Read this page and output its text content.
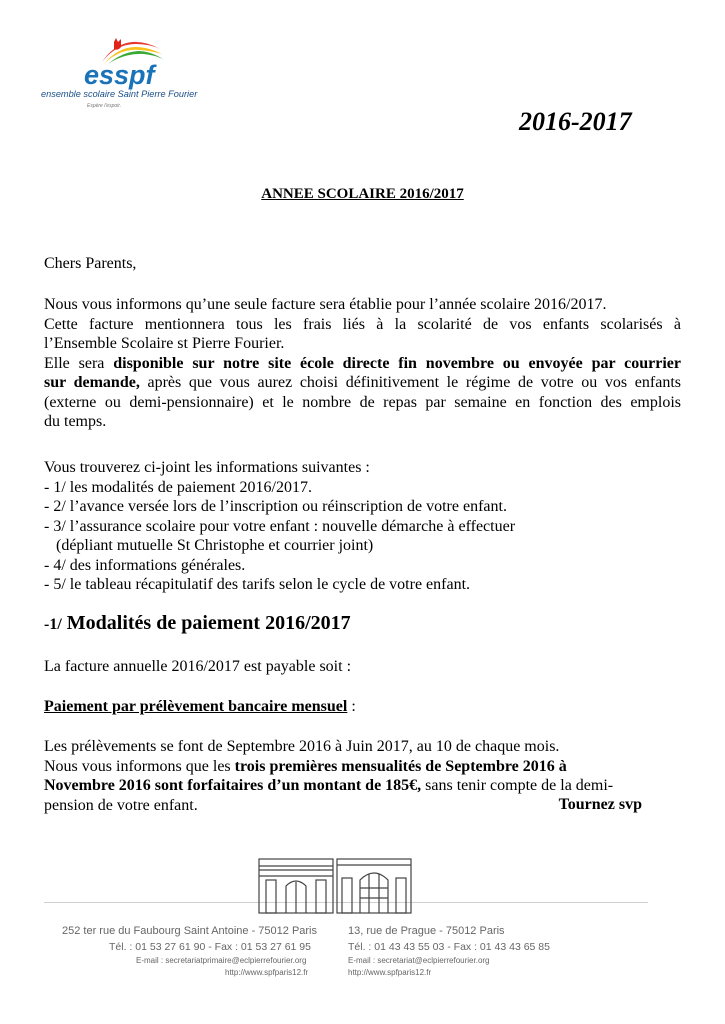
esspf
ensemble scolaire Saint Pierre Fourier
Espère l'espoir.
2016-2017
ANNEE SCOLAIRE 2016/2017
Chers Parents,
Nous vous informons qu’une seule facture sera établie pour l’année scolaire 2016/2017.
Cette facture mentionnera tous les frais liés à la scolarité de vos enfants scolarisés à
l’Ensemble Scolaire st Pierre Fourier.
Elle sera disponible sur notre site école directe fin novembre ou envoyée par courrier
sur demande, après que vous aurez choisi définitivement le régime de votre ou vos enfants
(externe ou demi-pensionnaire) et le nombre de repas par semaine en fonction des emplois
du temps.
Vous trouverez ci-joint les informations suivantes :
- 1/ les modalités de paiement 2016/2017.
- 2/ l’avance versée lors de l’inscription ou réinscription de votre enfant.
- 3/ l’assurance scolaire pour votre enfant : nouvelle démarche à effectuer
(dépliant mutuelle St Christophe et courrier joint)
- 4/ des informations générales.
- 5/ le tableau récapitulatif des tarifs selon le cycle de votre enfant.
-1/ Modalités de paiement 2016/2017
La facture annuelle 2016/2017 est payable soit :
Paiement par prélèvement bancaire mensuel :
Les prélèvements se font de Septembre 2016 à Juin 2017, au 10 de chaque mois.
Nous vous informons que les trois premières mensualités de Septembre 2016 à
Novembre 2016 sont forfaitaires d’un montant de 185€, sans tenir compte de la demi-
pension de votre enfant.	Tournez svp
252 ter rue du Faubourg Saint Antoine - 75012 Paris
Tél. : 01 53 27 61 90 - Fax : 01 53 27 61 95
E-mail : secretariatprimaire@eclpierrefourier.org
http://www.spfparis12.fr
13, rue de Prague - 75012 Paris
Tél. : 01 43 43 55 03 - Fax : 01 43 43 65 85
E-mail : secretariat@eclpierrefourier.org
http://www.spfparis12.fr
